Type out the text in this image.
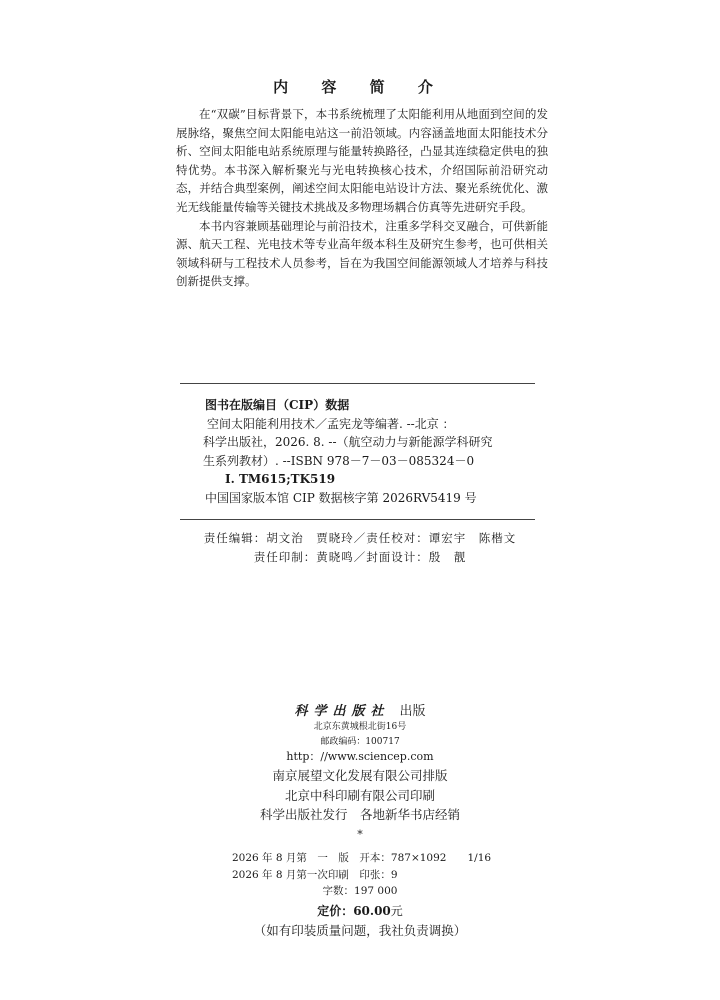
内 容 简 介

在“双碳”目标背景下，本书系统梳理了太阳能利用从地面到空间的发展脉络，聚焦空间太阳能电站这一前沿领域。内容涵盖地面太阳能技术分析、空间太阳能电站系统原理与能量转换路径，凸显其连续稳定供电的独特优势。本书深入解析聚光与光电转换核心技术，介绍国际前沿研究动态，并结合典型案例，阐述空间太阳能电站设计方法、聚光系统优化、激光无线能量传输等关键技术挑战及多物理场耦合仿真等先进研究手段。

本书内容兼顾基础理论与前沿技术，注重多学科交叉融合，可供新能源、航天工程、光电技术等专业高年级本科生及研究生参考，也可供相关领域科研与工程技术人员参考，旨在为我国空间能源领域人才培养与科技创新提供支撑。

图书在版编目（CIP）数据
空间太阳能利用技术／孟宪龙等编著. --北京 ：
科学出版社，2026. 8. --（航空动力与新能源学科研究
生系列教材）. --ISBN 978－7－03－085324－0
Ⅰ. TM615;TK519
中国国家版本馆 CIP 数据核字第 2026RV5419 号
责任编辑：胡文治　贾晓玲／责任校对：谭宏宇　陈楷文
责任印制：黄晓鸣／封面设计：殷　靓
科学出版社 出版
北京东黄城根北街16号
邮政编码：100717
http：//www.sciencep.com
南京展望文化发展有限公司排版
北京中科印刷有限公司印刷
科学出版社发行　各地新华书店经销
*
2026 年 8 月第　一　版　开本：787×1092　　1/16
2026 年 8 月第一次印刷　印张：9
字数：197 000
定价：60.00元
（如有印装质量问题，我社负责调换）
